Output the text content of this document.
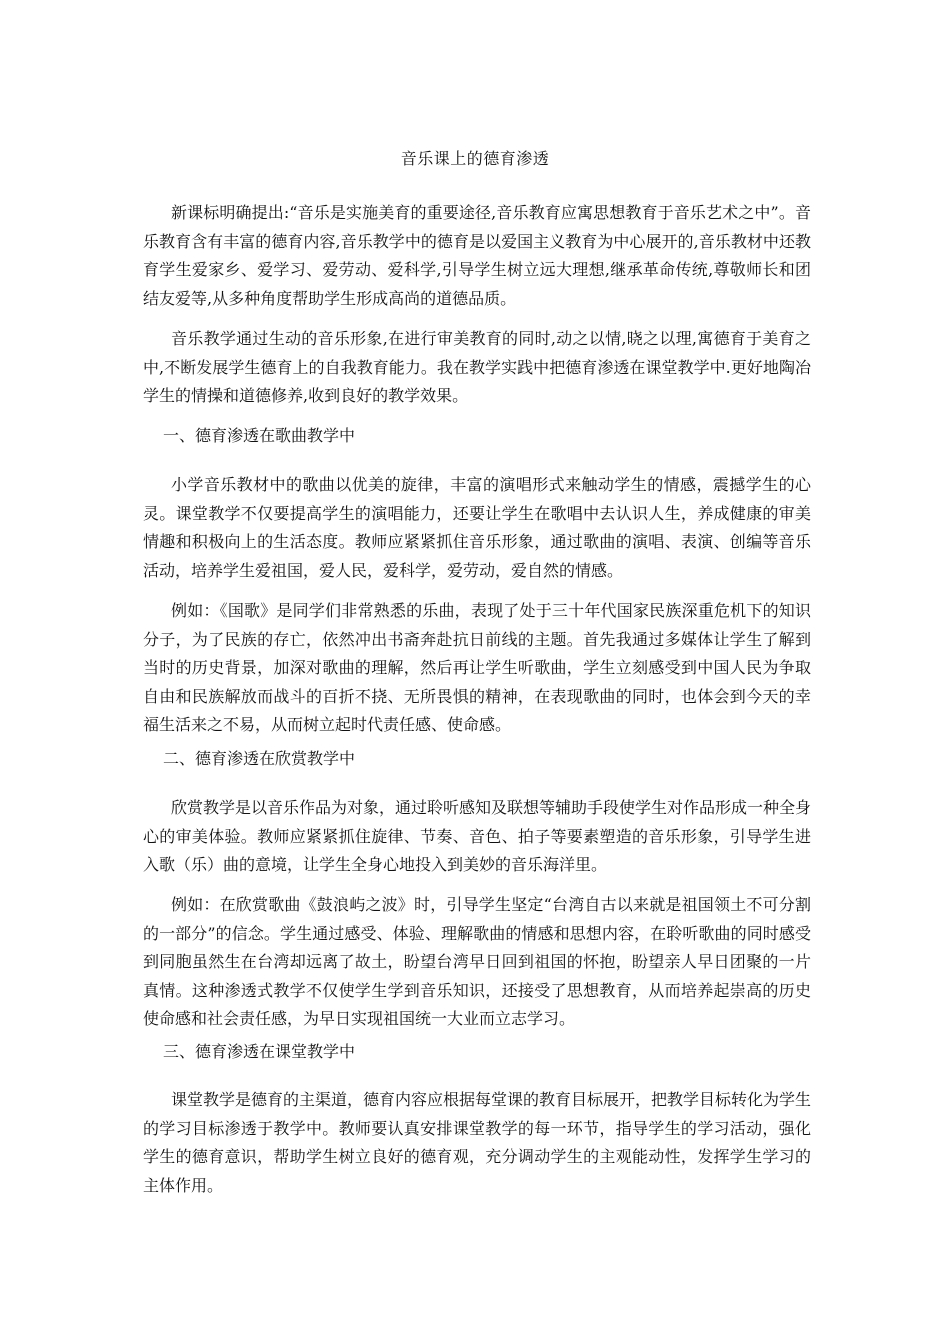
音乐课上的德育渗透
新课标明确提出:“音乐是实施美育的重要途径,音乐教育应寓思想教育于音乐艺术之中”。音乐教育含有丰富的德育内容,音乐教学中的德育是以爱国主义教育为中心展开的,音乐教材中还教育学生爱家乡、爱学习、爱劳动、爱科学,引导学生树立远大理想,继承革命传统,尊敬师长和团结友爱等,从多种角度帮助学生形成高尚的道德品质。
音乐教学通过生动的音乐形象,在进行审美教育的同时,动之以情,晓之以理,寓德育于美育之中,不断发展学生德育上的自我教育能力。我在教学实践中把德育渗透在课堂教学中.更好地陶冶学生的情操和道德修养,收到良好的教学效果。
一、德育渗透在歌曲教学中
小学音乐教材中的歌曲以优美的旋律，丰富的演唱形式来触动学生的情感，震撼学生的心灵。课堂教学不仅要提高学生的演唱能力，还要让学生在歌唱中去认识人生，养成健康的审美情趣和积极向上的生活态度。教师应紧紧抓住音乐形象，通过歌曲的演唱、表演、创编等音乐活动，培养学生爱祖国，爱人民，爱科学，爱劳动，爱自然的情感。
例如：《国歌》是同学们非常熟悉的乐曲，表现了处于三十年代国家民族深重危机下的知识分子，为了民族的存亡，依然冲出书斋奔赴抗日前线的主题。首先我通过多媒体让学生了解到当时的历史背景，加深对歌曲的理解，然后再让学生听歌曲，学生立刻感受到中国人民为争取自由和民族解放而战斗的百折不挠、无所畏惧的精神，在表现歌曲的同时，也体会到今天的幸福生活来之不易，从而树立起时代责任感、使命感。
二、德育渗透在欣赏教学中
欣赏教学是以音乐作品为对象，通过聆听感知及联想等辅助手段使学生对作品形成一种全身心的审美体验。教师应紧紧抓住旋律、节奏、音色、拍子等要素塑造的音乐形象，引导学生进入歌（乐）曲的意境，让学生全身心地投入到美妙的音乐海洋里。
例如：在欣赏歌曲《鼓浪屿之波》时，引导学生坚定“台湾自古以来就是祖国领土不可分割的一部分”的信念。学生通过感受、体验、理解歌曲的情感和思想内容，在聆听歌曲的同时感受到同胞虽然生在台湾却远离了故土，盼望台湾早日回到祖国的怀抱，盼望亲人早日团聚的一片真情。这种渗透式教学不仅使学生学到音乐知识，还接受了思想教育，从而培养起崇高的历史使命感和社会责任感，为早日实现祖国统一大业而立志学习。
三、德育渗透在课堂教学中
课堂教学是德育的主渠道，德育内容应根据每堂课的教育目标展开，把教学目标转化为学生的学习目标渗透于教学中。教师要认真安排课堂教学的每一环节，指导学生的学习活动，强化学生的德育意识，帮助学生树立良好的德育观，充分调动学生的主观能动性，发挥学生学习的主体作用。
